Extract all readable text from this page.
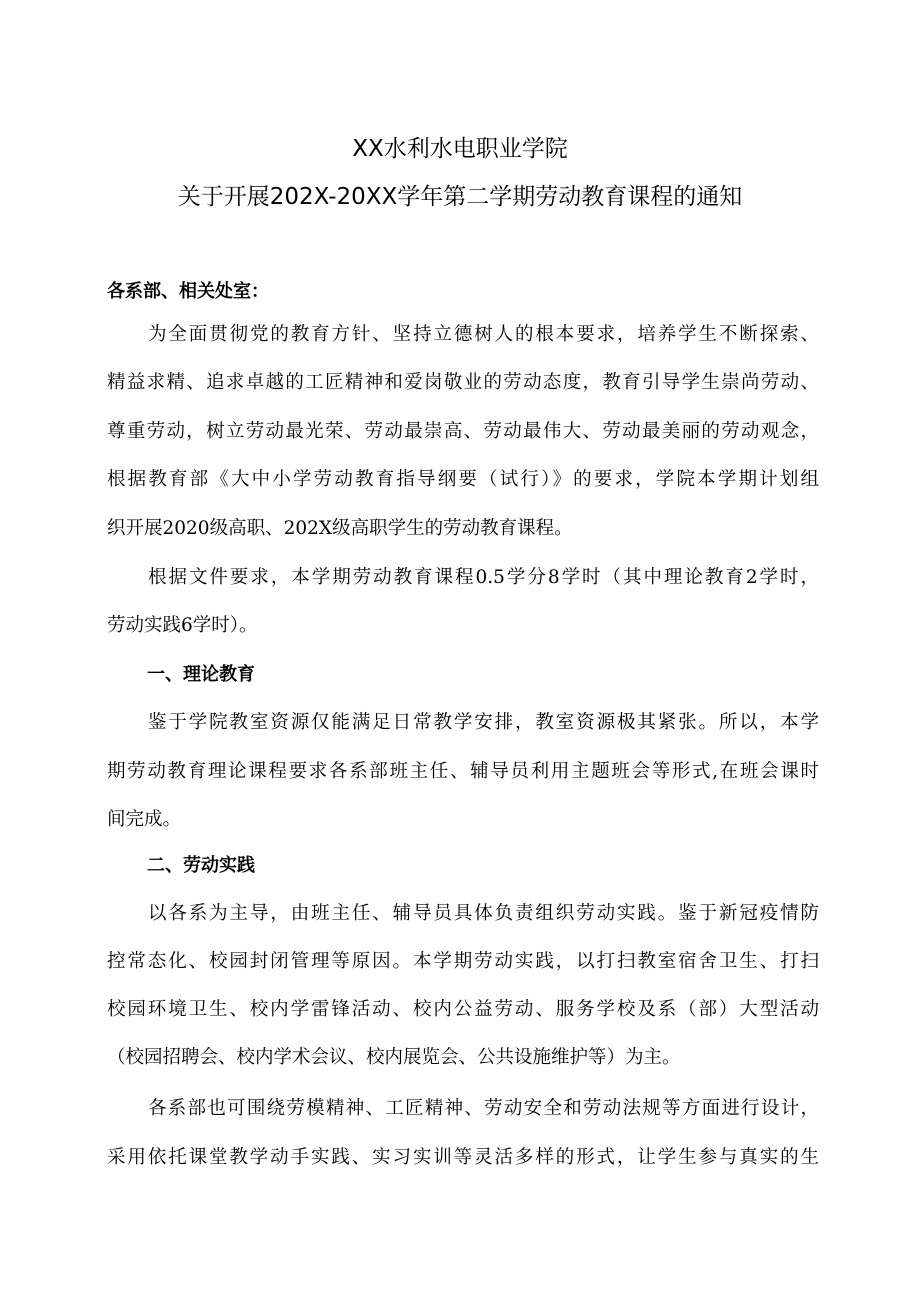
XX水利水电职业学院
关于开展202X-20XX学年第二学期劳动教育课程的通知
各系部、相关处室：
为全面贯彻党的教育方针、坚持立德树人的根本要求，培养学生不断探索、
精益求精、追求卓越的工匠精神和爱岗敬业的劳动态度，教育引导学生崇尚劳动、
尊重劳动，树立劳动最光荣、劳动最崇高、劳动最伟大、劳动最美丽的劳动观念，
根据教育部《大中小学劳动教育指导纲要（试行）》的要求，学院本学期计划组
织开展2020级高职、202X级高职学生的劳动教育课程。
根据文件要求，本学期劳动教育课程0.5学分8学时（其中理论教育2学时，
劳动实践6学时）。
一、理论教育
鉴于学院教室资源仅能满足日常教学安排，教室资源极其紧张。所以，本学
期劳动教育理论课程要求各系部班主任、辅导员利用主题班会等形式,在班会课时
间完成。
二、劳动实践
以各系为主导，由班主任、辅导员具体负责组织劳动实践。鉴于新冠疫情防
控常态化、校园封闭管理等原因。本学期劳动实践，以打扫教室宿舍卫生、打扫
校园环境卫生、校内学雷锋活动、校内公益劳动、服务学校及系（部）大型活动
（校园招聘会、校内学术会议、校内展览会、公共设施维护等）为主。
各系部也可围绕劳模精神、工匠精神、劳动安全和劳动法规等方面进行设计，
采用依托课堂教学动手实践、实习实训等灵活多样的形式，让学生参与真实的生
